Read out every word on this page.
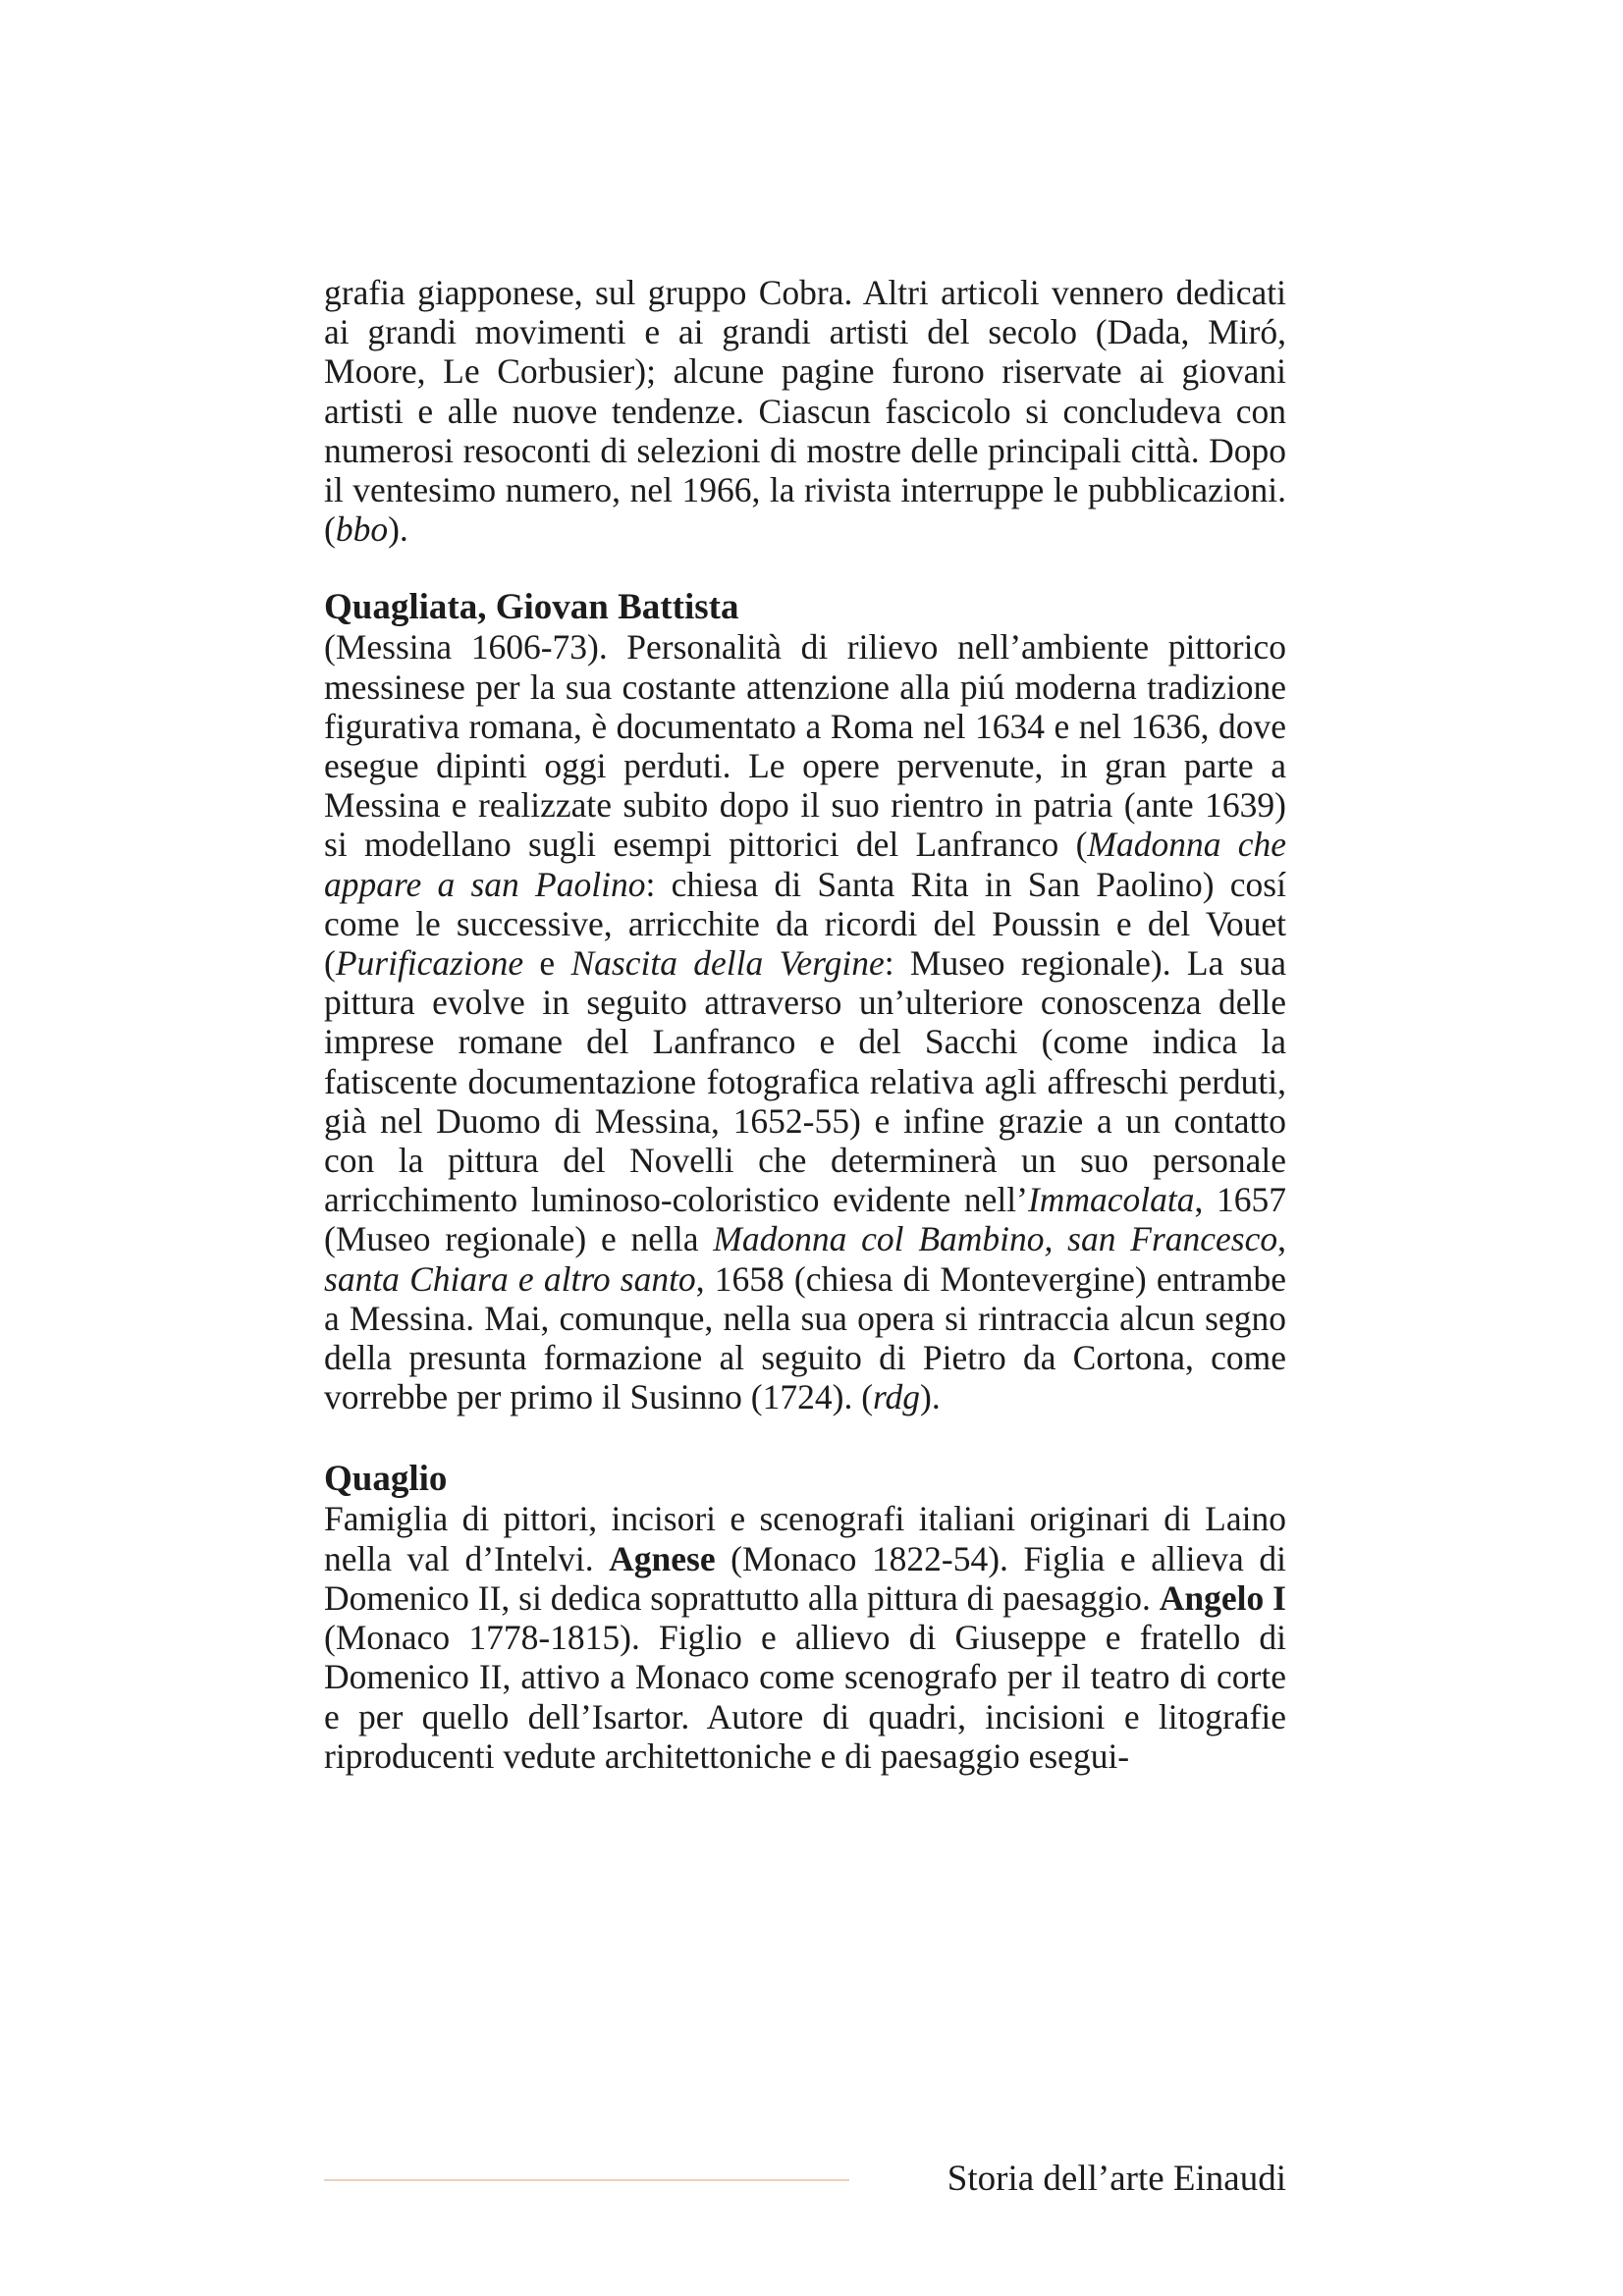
grafia giapponese, sul gruppo Cobra. Altri articoli vennero dedicati ai grandi movimenti e ai grandi artisti del secolo (Dada, Miró, Moore, Le Corbusier); alcune pagine furono riservate ai giovani artisti e alle nuove tendenze. Ciascun fascicolo si concludeva con numerosi resoconti di selezioni di mostre delle principali città. Dopo il ventesimo numero, nel 1966, la rivista interruppe le pubblicazioni. (bbo).

Quagliata, Giovan Battista

(Messina 1606-73). Personalità di rilievo nell’ambiente pittorico messinese per la sua costante attenzione alla piú moderna tradizione figurativa romana, è documentato a Roma nel 1634 e nel 1636, dove esegue dipinti oggi perduti. Le opere pervenute, in gran parte a Messina e realizzate subito dopo il suo rientro in patria (ante 1639) si modellano sugli esempi pittorici del Lanfranco (Madonna che appare a san Paolino: chiesa di Santa Rita in San Paolino) cosí come le successive, arricchite da ricordi del Poussin e del Vouet (Purificazione e Nascita della Vergine: Museo regionale). La sua pittura evolve in seguito attraverso un’ulteriore conoscenza delle imprese romane del Lanfranco e del Sacchi (come indica la fatiscente documentazione fotografica relativa agli affreschi perduti, già nel Duomo di Messina, 1652-55) e infine grazie a un contatto con la pittura del Novelli che determinerà un suo personale arricchimento luminoso-coloristico evidente nell’Immacolata, 1657 (Museo regionale) e nella Madonna col Bambino, san Francesco, santa Chiara e altro santo, 1658 (chiesa di Montevergine) entrambe a Messina. Mai, comunque, nella sua opera si rintraccia alcun segno della presunta formazione al seguito di Pietro da Cortona, come vorrebbe per primo il Susinno (1724). (rdg).

Quaglio

Famiglia di pittori, incisori e scenografi italiani originari di Laino nella val d’Intelvi. Agnese (Monaco 1822-54). Figlia e allieva di Domenico II, si dedica soprattutto alla pittura di paesaggio. Angelo I (Monaco 1778-1815). Figlio e allievo di Giuseppe e fratello di Domenico II, attivo a Monaco come scenografo per il teatro di corte e per quello dell’Isartor. Autore di quadri, incisioni e litografie riproducenti vedute architettoniche e di paesaggio esegui-

Storia dell’arte Einaudi
